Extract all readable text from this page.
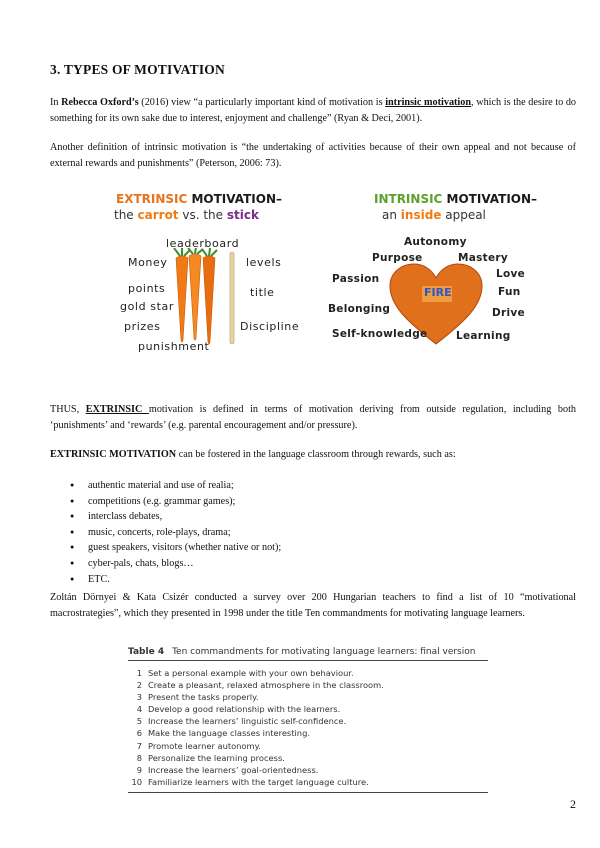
3. TYPES OF MOTIVATION
In Rebecca Oxford’s (2016) view “a particularly important kind of motivation is intrinsic motivation, which is the desire to do something for its own sake due to interest, enjoyment and challenge” (Ryan & Deci, 2001).
Another definition of intrinsic motivation is “the undertaking of activities because of their own appeal and not because of external rewards and punishments” (Peterson, 2006: 73).
EXTRINSIC MOTIVATION–
the carrot vs. the stick
INTRINSIC MOTIVATION–
an inside appeal
leaderboard
Money	levels
points	title
gold star
prizes	Discipline
punishment
FIRE
Autonomy
Purpose	Mastery
Love
Passion
Fun
Belonging	Drive
Self-knowledge	Learning
THUS, EXTRINSIC motivation is defined in terms of motivation deriving from outside regulation, including both ‘punishments’ and ‘rewards’ (e.g. parental encouragement and/or pressure).
EXTRINSIC MOTIVATION can be fostered in the language classroom through rewards, such as:
● authentic material and use of realia;
● competitions (e.g. grammar games);
● interclass debates,
● music, concerts, role-plays, drama;
● guest speakers, visitors (whether native or not);
● cyber-pals, chats, blogs…
● ETC.
Zoltán Dörnyei & Kata Csizér conducted a survey over 200 Hungarian teachers to find a list of 10 “motivational macrostrategies”, which they presented in 1998 under the title Ten commandments for motivating language learners.
Table 4 Ten commandments for motivating language learners: final version
1 Set a personal example with your own behaviour.
2 Create a pleasant, relaxed atmosphere in the classroom.
3 Present the tasks properly.
4 Develop a good relationship with the learners.
5 Increase the learners’ linguistic self-confidence.
6 Make the language classes interesting.
7 Promote learner autonomy.
8 Personalize the learning process.
9 Increase the learners’ goal-orientedness.
10 Familiarize learners with the target language culture.
2
